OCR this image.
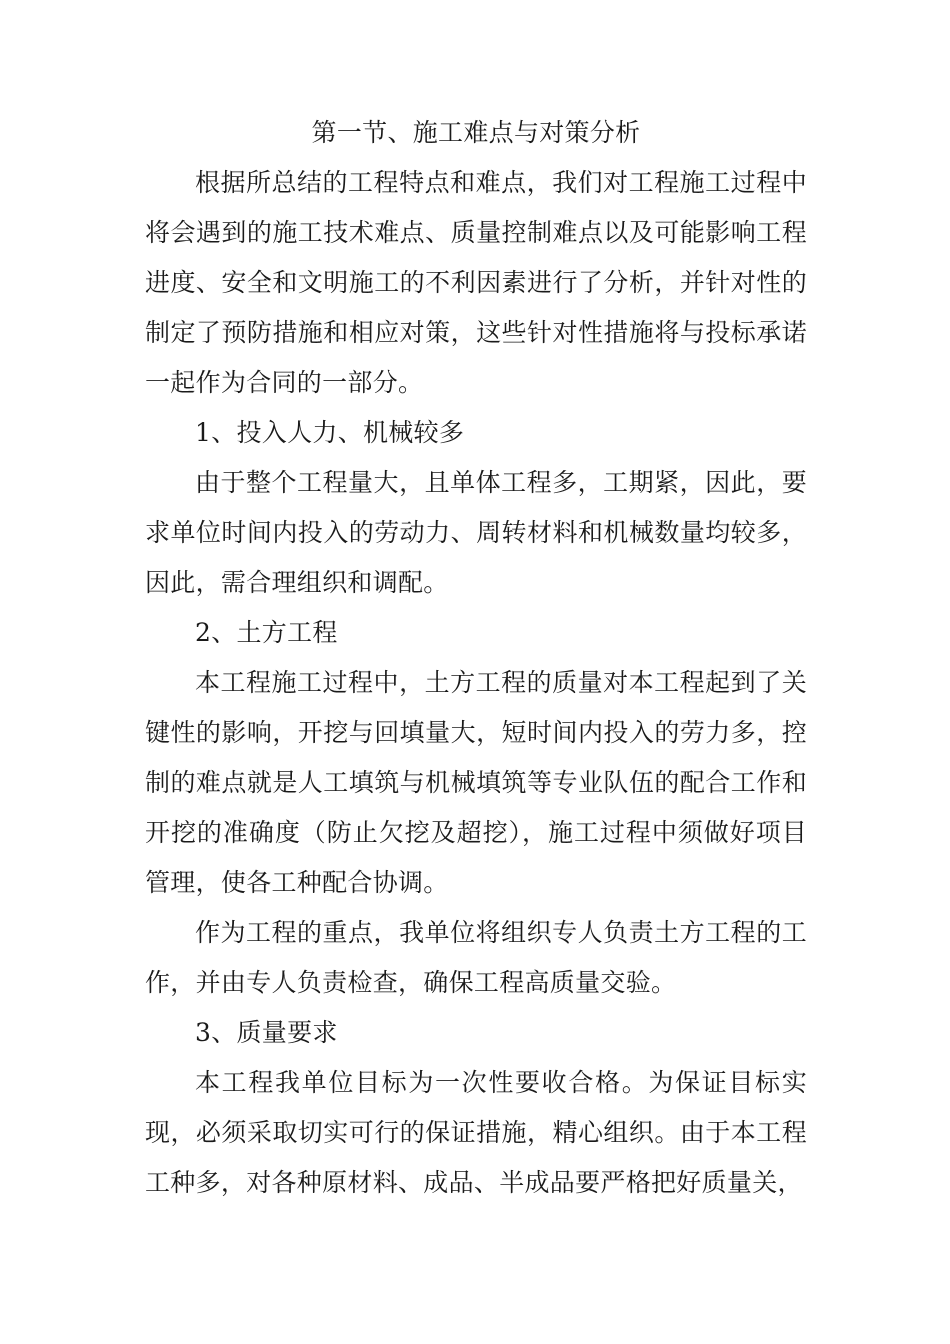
第一节、施工难点与对策分析

根据所总结的工程特点和难点，我们对工程施工过程中将会遇到的施工技术难点、质量控制难点以及可能影响工程进度、安全和文明施工的不利因素进行了分析，并针对性的制定了预防措施和相应对策，这些针对性措施将与投标承诺一起作为合同的一部分。

1、投入人力、机械较多

由于整个工程量大，且单体工程多，工期紧，因此，要求单位时间内投入的劳动力、周转材料和机械数量均较多，因此，需合理组织和调配。

2、土方工程

本工程施工过程中，土方工程的质量对本工程起到了关键性的影响，开挖与回填量大，短时间内投入的劳力多，控制的难点就是人工填筑与机械填筑等专业队伍的配合工作和开挖的准确度（防止欠挖及超挖），施工过程中须做好项目管理，使各工种配合协调。

作为工程的重点，我单位将组织专人负责土方工程的工作，并由专人负责检查，确保工程高质量交验。

3、质量要求

本工程我单位目标为一次性要收合格。为保证目标实现，必须采取切实可行的保证措施，精心组织。由于本工程工种多，对各种原材料、成品、半成品要严格把好质量关，
